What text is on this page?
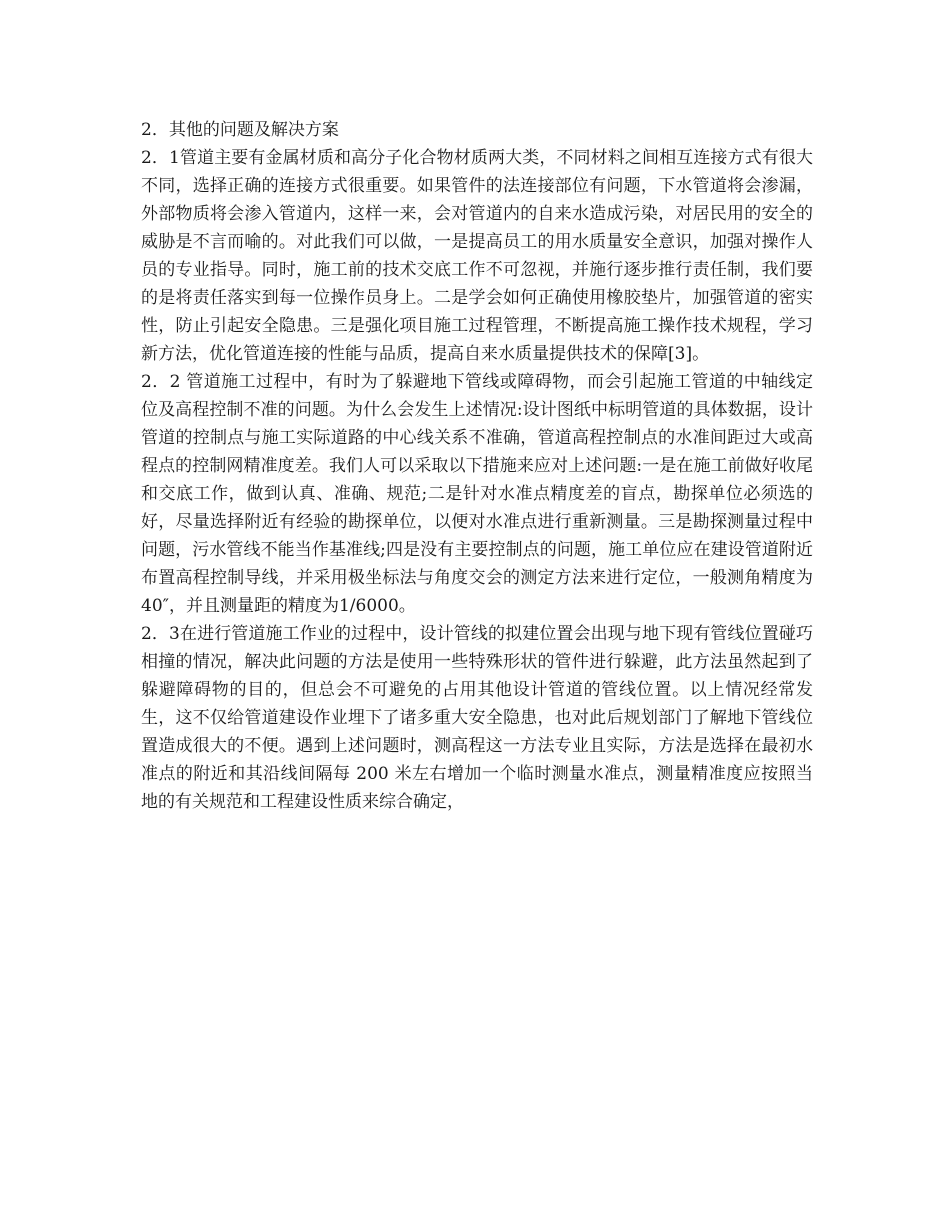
2．其他的问题及解决方案

2．1管道主要有金属材质和高分子化合物材质两大类，不同材料之间相互连接方式有很大不同，选择正确的连接方式很重要。如果管件的法连接部位有问题，下水管道将会渗漏，外部物质将会渗入管道内，这样一来，会对管道内的自来水造成污染，对居民用的安全的威胁是不言而喻的。对此我们可以做，一是提高员工的用水质量安全意识，加强对操作人员的专业指导。同时，施工前的技术交底工作不可忽视，并施行逐步推行责任制，我们要的是将责任落实到每一位操作员身上。二是学会如何正确使用橡胶垫片，加强管道的密实性，防止引起安全隐患。三是强化项目施工过程管理，不断提高施工操作技术规程，学习新方法，优化管道连接的性能与品质，提高自来水质量提供技术的保障[3]。

2．2 管道施工过程中，有时为了躲避地下管线或障碍物，而会引起施工管道的中轴线定位及高程控制不准的问题。为什么会发生上述情况:设计图纸中标明管道的具体数据，设计管道的控制点与施工实际道路的中心线关系不准确，管道高程控制点的水准间距过大或高程点的控制网精准度差。我们人可以采取以下措施来应对上述问题:一是在施工前做好收尾和交底工作，做到认真、准确、规范;二是针对水准点精度差的盲点，勘探单位必须选的好，尽量选择附近有经验的勘探单位，以便对水准点进行重新测量。三是勘探测量过程中问题，污水管线不能当作基准线;四是没有主要控制点的问题，施工单位应在建设管道附近布置高程控制导线，并采用极坐标法与角度交会的测定方法来进行定位，一般测角精度为 40″，并且测量距的精度为1/6000。

2．3在进行管道施工作业的过程中，设计管线的拟建位置会出现与地下现有管线位置碰巧相撞的情况，解决此问题的方法是使用一些特殊形状的管件进行躲避，此方法虽然起到了躲避障碍物的目的，但总会不可避免的占用其他设计管道的管线位置。以上情况经常发生，这不仅给管道建设作业埋下了诸多重大安全隐患，也对此后规划部门了解地下管线位置造成很大的不便。遇到上述问题时，测高程这一方法专业且实际，方法是选择在最初水准点的附近和其沿线间隔每 200 米左右增加一个临时测量水准点，测量精准度应按照当地的有关规范和工程建设性质来综合确定，
